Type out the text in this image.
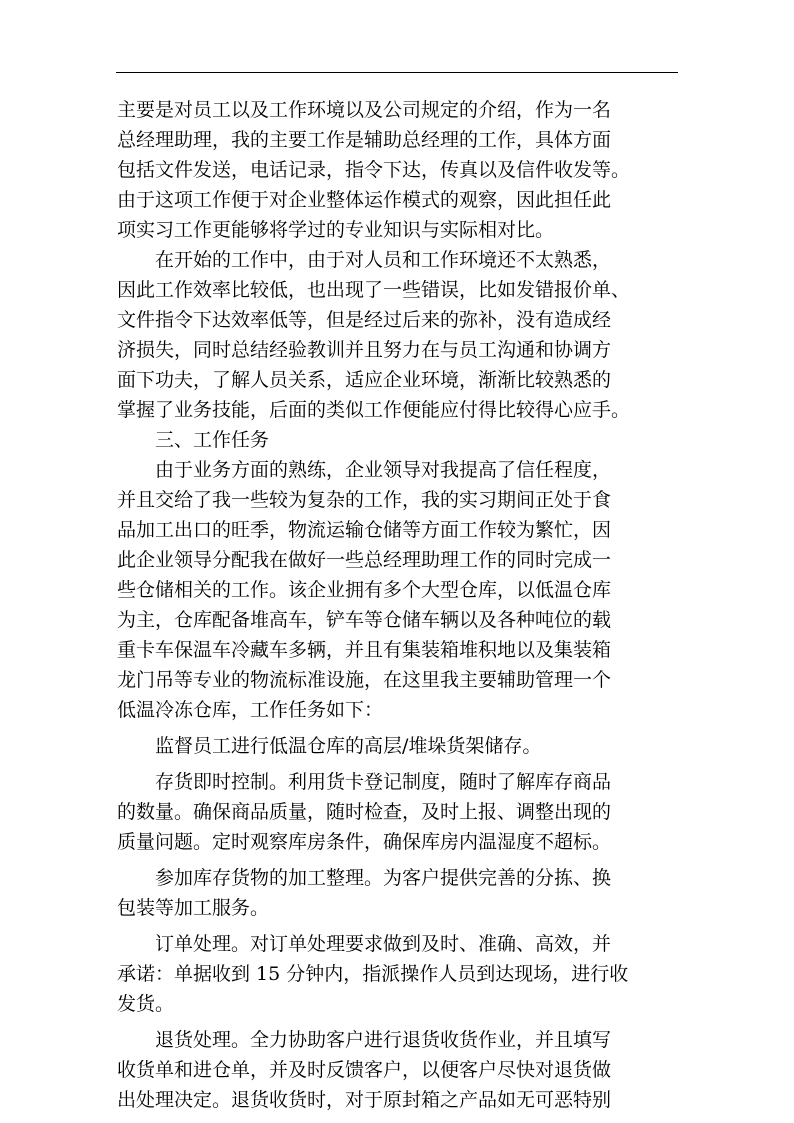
主要是对员工以及工作环境以及公司规定的介绍，作为一名
总经理助理，我的主要工作是辅助总经理的工作，具体方面
包括文件发送，电话记录，指令下达，传真以及信件收发等。
由于这项工作便于对企业整体运作模式的观察，因此担任此
项实习工作更能够将学过的专业知识与实际相对比。
在开始的工作中，由于对人员和工作环境还不太熟悉，
因此工作效率比较低，也出现了一些错误，比如发错报价单、
文件指令下达效率低等，但是经过后来的弥补，没有造成经
济损失，同时总结经验教训并且努力在与员工沟通和协调方
面下功夫，了解人员关系，适应企业环境，渐渐比较熟悉的
掌握了业务技能，后面的类似工作便能应付得比较得心应手。
三、工作任务
由于业务方面的熟练，企业领导对我提高了信任程度，
并且交给了我一些较为复杂的工作，我的实习期间正处于食
品加工出口的旺季，物流运输仓储等方面工作较为繁忙，因
此企业领导分配我在做好一些总经理助理工作的同时完成一
些仓储相关的工作。该企业拥有多个大型仓库，以低温仓库
为主，仓库配备堆高车，铲车等仓储车辆以及各种吨位的载
重卡车保温车冷藏车多辆，并且有集装箱堆积地以及集装箱
龙门吊等专业的物流标准设施，在这里我主要辅助管理一个
低温冷冻仓库，工作任务如下：
监督员工进行低温仓库的高层/堆垛货架储存。
存货即时控制。利用货卡登记制度，随时了解库存商品
的数量。确保商品质量，随时检查，及时上报、调整出现的
质量问题。定时观察库房条件，确保库房内温湿度不超标。
参加库存货物的加工整理。为客户提供完善的分拣、换
包装等加工服务。
订单处理。对订单处理要求做到及时、准确、高效，并
承诺：单据收到 15 分钟内，指派操作人员到达现场，进行收
发货。
退货处理。全力协助客户进行退货收货作业，并且填写
收货单和进仓单，并及时反馈客户，以便客户尽快对退货做
出处理决定。退货收货时，对于原封箱之产品如无可恶特别
